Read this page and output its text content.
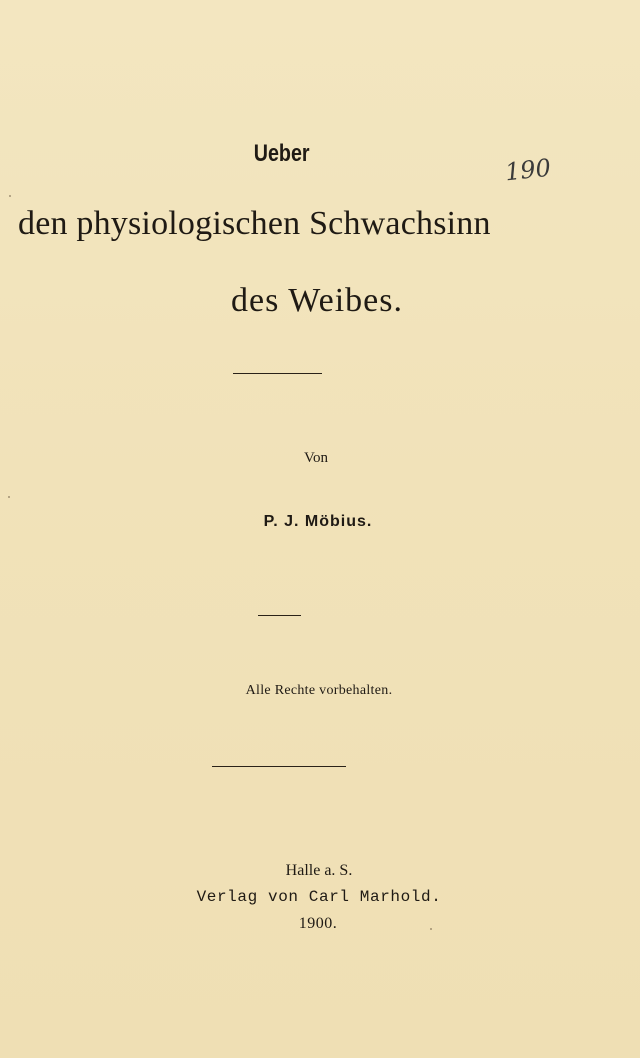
Ueber
190
den physiologischen Schwachsinn
des Weibes.
Von
P. J. Möbius.
Alle Rechte vorbehalten.
Halle a. S.
Verlag von Carl Marhold.
1900.
